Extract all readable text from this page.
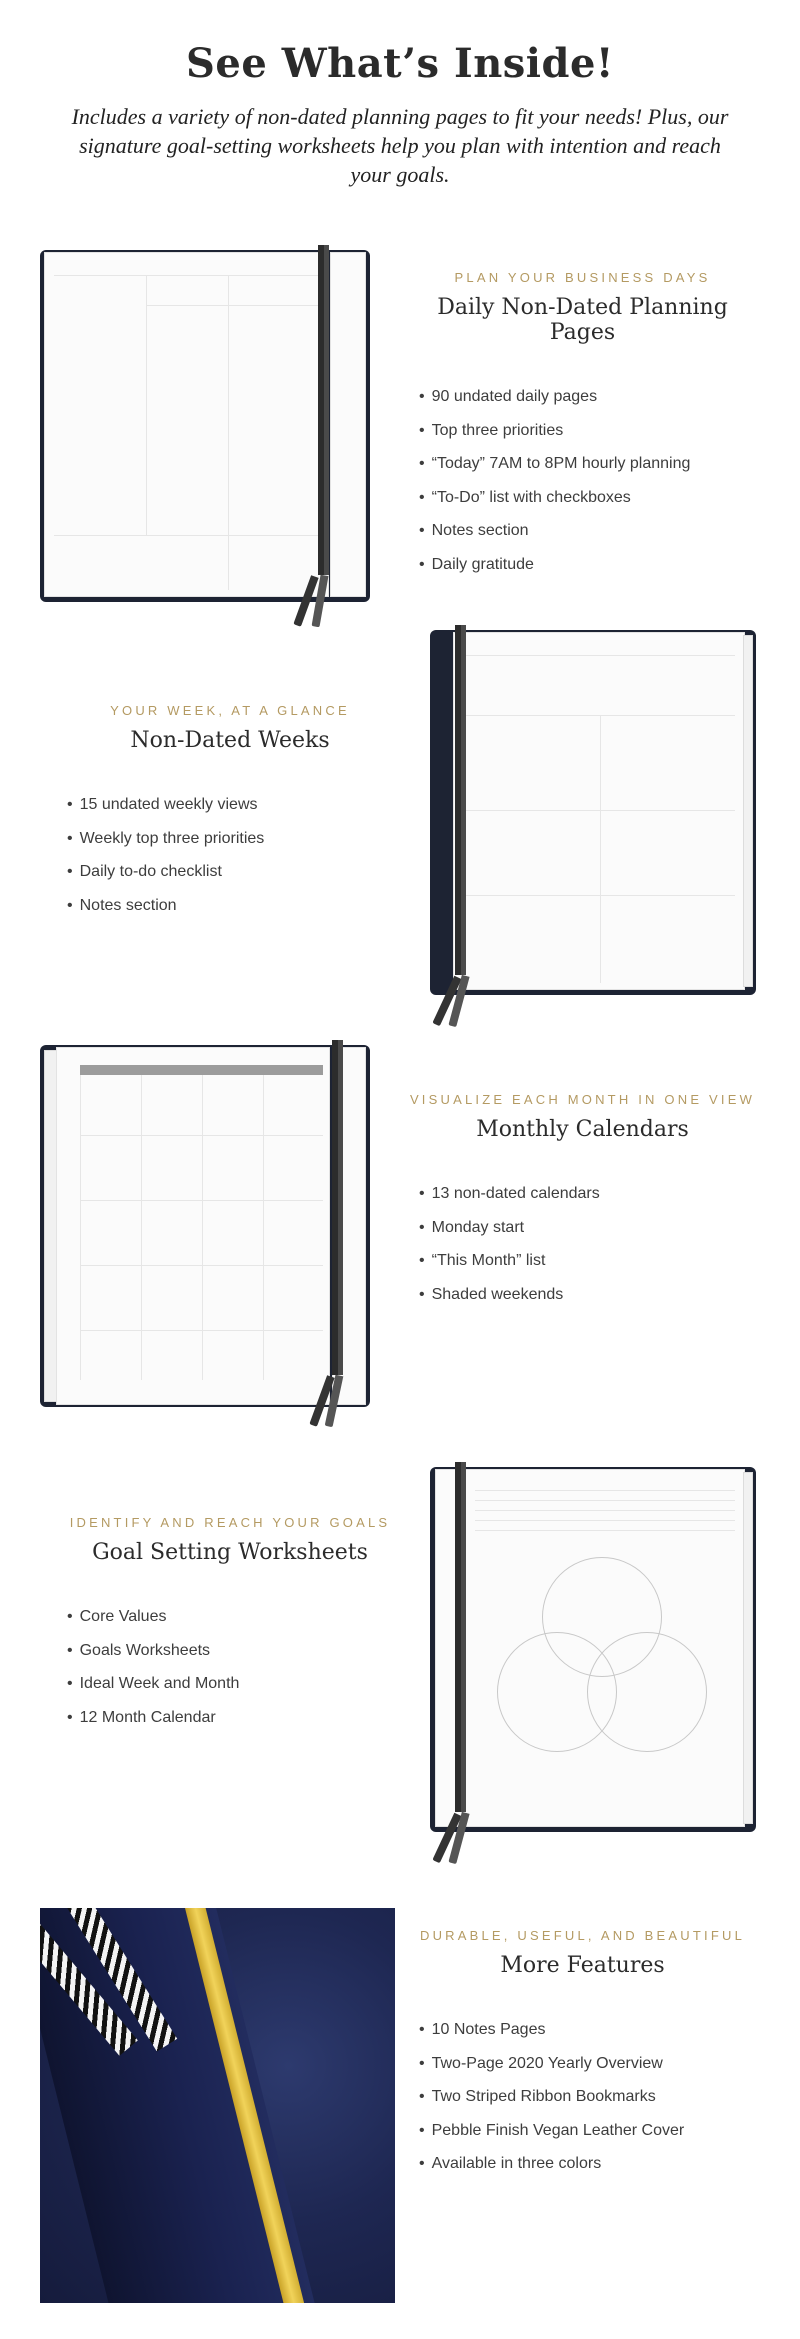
See What’s Inside!

Includes a variety of non-dated planning pages to fit your needs! Plus, our signature goal-setting worksheets help you plan with intention and reach your goals.

PLAN YOUR BUSINESS DAYS
Daily Non-Dated Planning Pages
• 90 undated daily pages
• Top three priorities
• “Today” 7AM to 8PM hourly planning
• “To-Do” list with checkboxes
• Notes section
• Daily gratitude
YOUR WEEK, AT A GLANCE
Non-Dated Weeks
• 15 undated weekly views
• Weekly top three priorities
• Daily to-do checklist
• Notes section
VISUALIZE EACH MONTH IN ONE VIEW
Monthly Calendars
• 13 non-dated calendars
• Monday start
• “This Month” list
• Shaded weekends
IDENTIFY AND REACH YOUR GOALS
Goal Setting Worksheets
• Core Values
• Goals Worksheets
• Ideal Week and Month
• 12 Month Calendar
DURABLE, USEFUL, AND BEAUTIFUL
More Features
• 10 Notes Pages
• Two-Page 2020 Yearly Overview
• Two Striped Ribbon Bookmarks
• Pebble Finish Vegan Leather Cover
• Available in three colors
